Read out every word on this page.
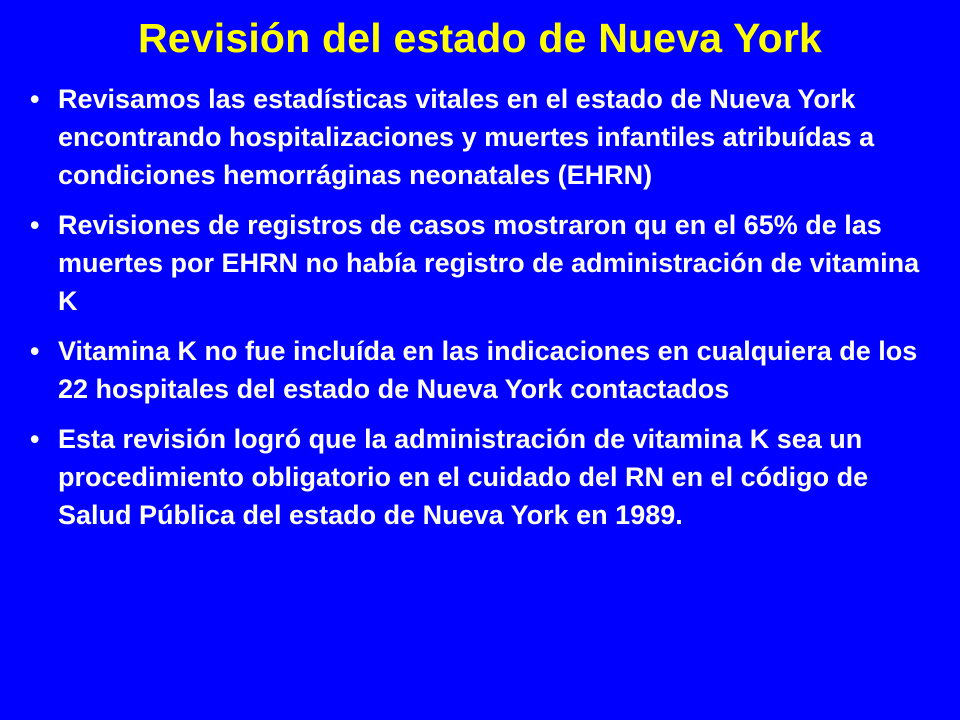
Revisión del estado de Nueva York
• Revisamos las estadísticas vitales en el estado de Nueva York encontrando hospitalizaciones y muertes infantiles atribuídas a condiciones hemorráginas neonatales (EHRN)
• Revisiones de registros de casos mostraron qu en el 65% de las muertes por EHRN no había registro de administración de vitamina K
• Vitamina K no fue incluída en las indicaciones en cualquiera de los 22 hospitales del estado de Nueva York contactados
• Esta revisión logró que la administración de vitamina K sea un procedimiento obligatorio en el cuidado del RN en el código de Salud Pública del estado de Nueva York en 1989.
